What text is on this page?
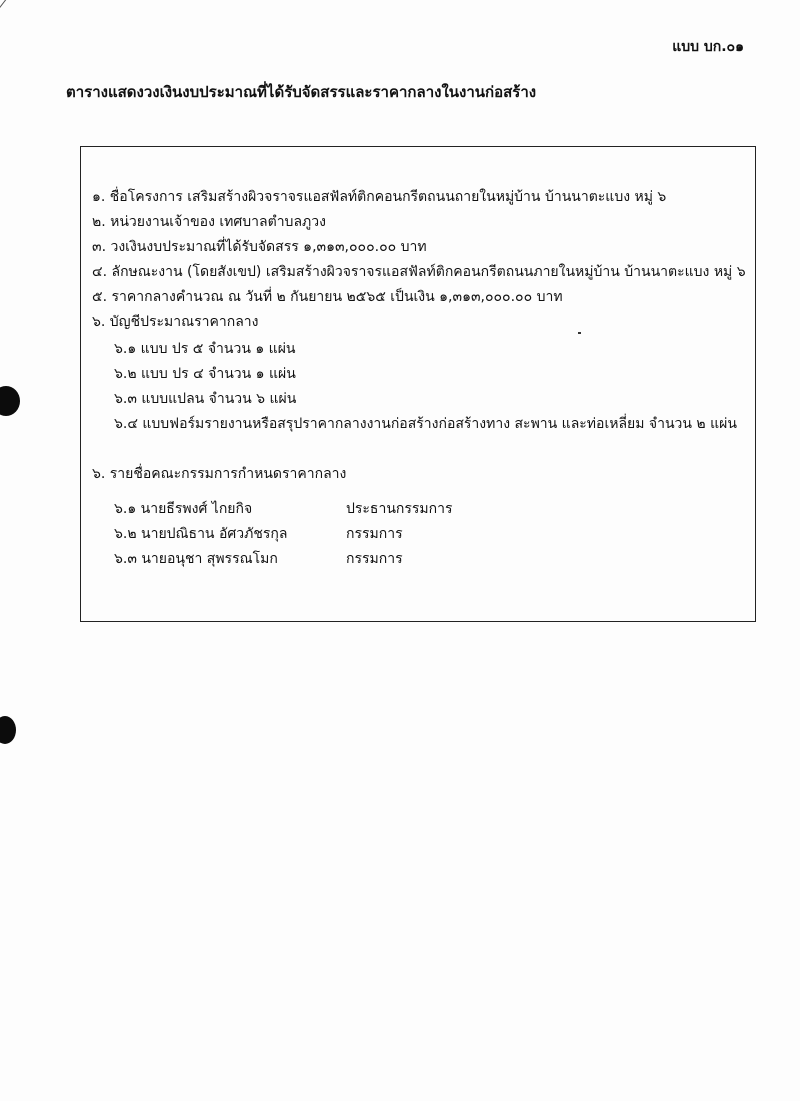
แบบ บก.๐๑
ตารางแสดงวงเงินงบประมาณที่ได้รับจัดสรรและราคากลางในงานก่อสร้าง
๑. ชื่อโครงการ เสริมสร้างผิวจราจรแอสฟัลท์ติกคอนกรีตถนนถายในหมู่บ้าน บ้านนาตะแบง หมู่ ๖
๒. หน่วยงานเจ้าของ เทศบาลตำบลภูวง
๓. วงเงินงบประมาณที่ได้รับจัดสรร ๑,๓๑๓,๐๐๐.๐๐ บาท
๔. ลักษณะงาน (โดยสังเขป) เสริมสร้างผิวจราจรแอสฟัลท์ติกคอนกรีตถนนภายในหมู่บ้าน บ้านนาตะแบง หมู่ ๖
๕. ราคากลางคำนวณ ณ วันที่ ๒ กันยายน ๒๕๖๕ เป็นเงิน ๑,๓๑๓,๐๐๐.๐๐ บาท
๖. บัญชีประมาณราคากลาง
๖.๑ แบบ ปร ๕ จำนวน ๑ แผ่น
๖.๒ แบบ ปร ๔ จำนวน ๑ แผ่น
๖.๓ แบบแปลน จำนวน ๖ แผ่น
๖.๔ แบบฟอร์มรายงานหรือสรุปราคากลางงานก่อสร้างก่อสร้างทาง สะพาน และท่อเหลี่ยม จำนวน ๒ แผ่น
๖. รายชื่อคณะกรรมการกำหนดราคากลาง
๖.๑ นายธีรพงศ์ ไกยกิจ	ประธานกรรมการ
๖.๒ นายปณิธาน อัศวภัชรกุล	กรรมการ
๖.๓ นายอนุชา สุพรรณโมก	กรรมการ
